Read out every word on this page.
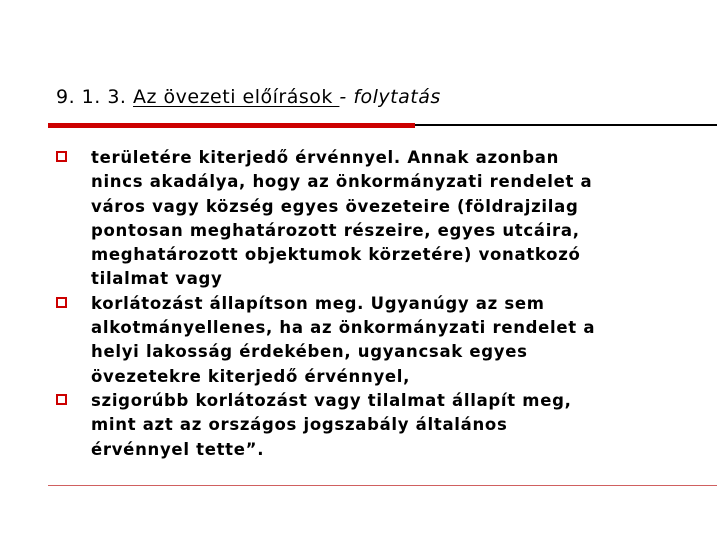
9. 1. 3. Az övezeti előírások - folytatás
területére kiterjedő érvénnyel. Annak azonban
nincs akadálya, hogy az önkormányzati rendelet a
város vagy község egyes övezeteire (földrajzilag
pontosan meghatározott részeire, egyes utcáira,
meghatározott objektumok körzetére) vonatkozó
tilalmat vagy
korlátozást állapítson meg. Ugyanúgy az sem
alkotmányellenes, ha az önkormányzati rendelet a
helyi lakosság érdekében, ugyancsak egyes
övezetekre kiterjedő érvénnyel,
szigorúbb korlátozást vagy tilalmat állapít meg,
mint azt az országos jogszabály általános
érvénnyel tette”.
